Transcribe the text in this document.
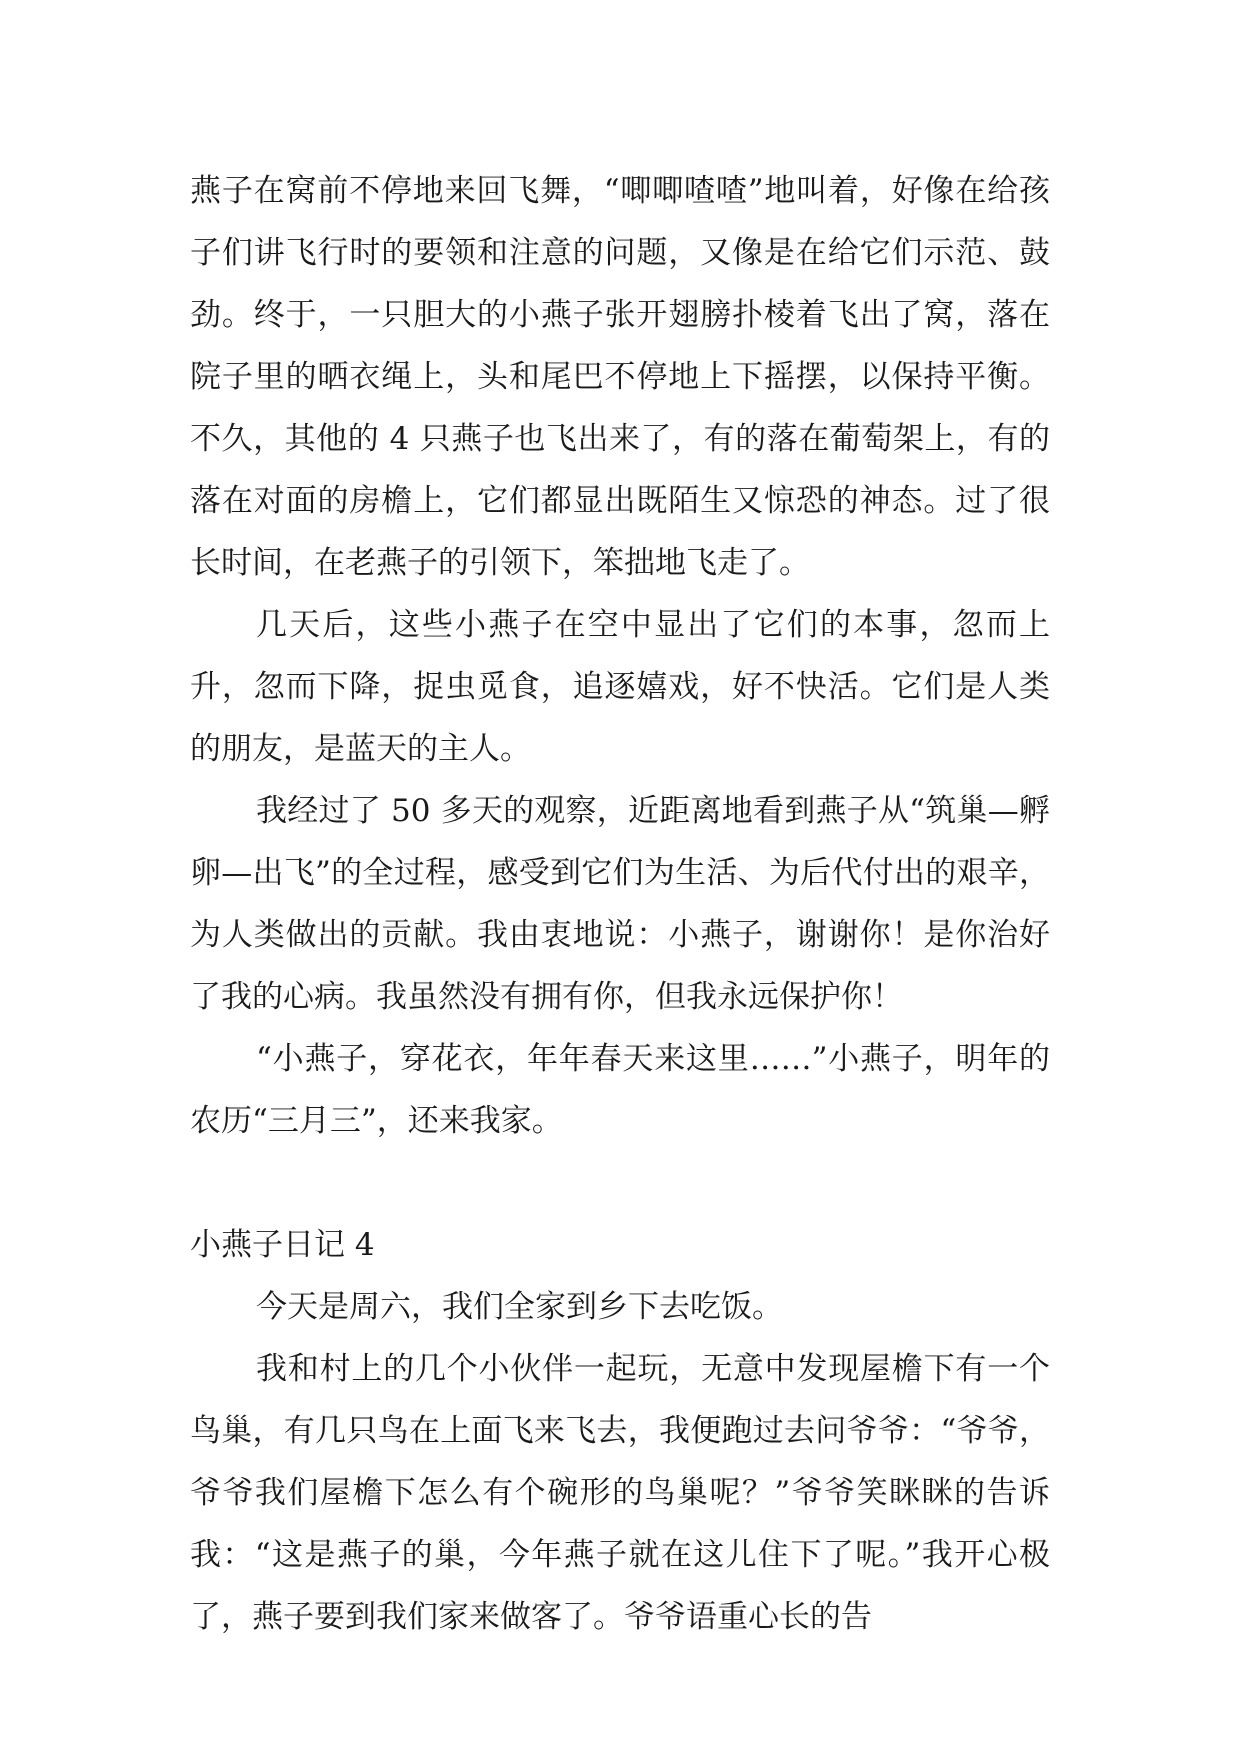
燕子在窝前不停地来回飞舞，“唧唧喳喳”地叫着，好像在给孩子们讲飞行时的要领和注意的问题，又像是在给它们示范、鼓劲。终于，一只胆大的小燕子张开翅膀扑棱着飞出了窝，落在院子里的晒衣绳上，头和尾巴不停地上下摇摆，以保持平衡。不久，其他的 4 只燕子也飞出来了，有的落在葡萄架上，有的落在对面的房檐上，它们都显出既陌生又惊恐的神态。过了很长时间，在老燕子的引领下，笨拙地飞走了。

几天后，这些小燕子在空中显出了它们的本事，忽而上升，忽而下降，捉虫觅食，追逐嬉戏，好不快活。它们是人类的朋友，是蓝天的主人。

我经过了 50 多天的观察，近距离地看到燕子从“筑巢—孵卵—出飞”的全过程，感受到它们为生活、为后代付出的艰辛，为人类做出的贡献。我由衷地说：小燕子，谢谢你！是你治好了我的心病。我虽然没有拥有你，但我永远保护你！

“小燕子，穿花衣，年年春天来这里……”小燕子，明年的农历“三月三”，还来我家。

小燕子日记 4

今天是周六，我们全家到乡下去吃饭。

我和村上的几个小伙伴一起玩，无意中发现屋檐下有一个鸟巢，有几只鸟在上面飞来飞去，我便跑过去问爷爷：“爷爷，爷爷我们屋檐下怎么有个碗形的鸟巢呢？”爷爷笑眯眯的告诉我：“这是燕子的巢，今年燕子就在这儿住下了呢。”我开心极了，燕子要到我们家来做客了。爷爷语重心长的告
